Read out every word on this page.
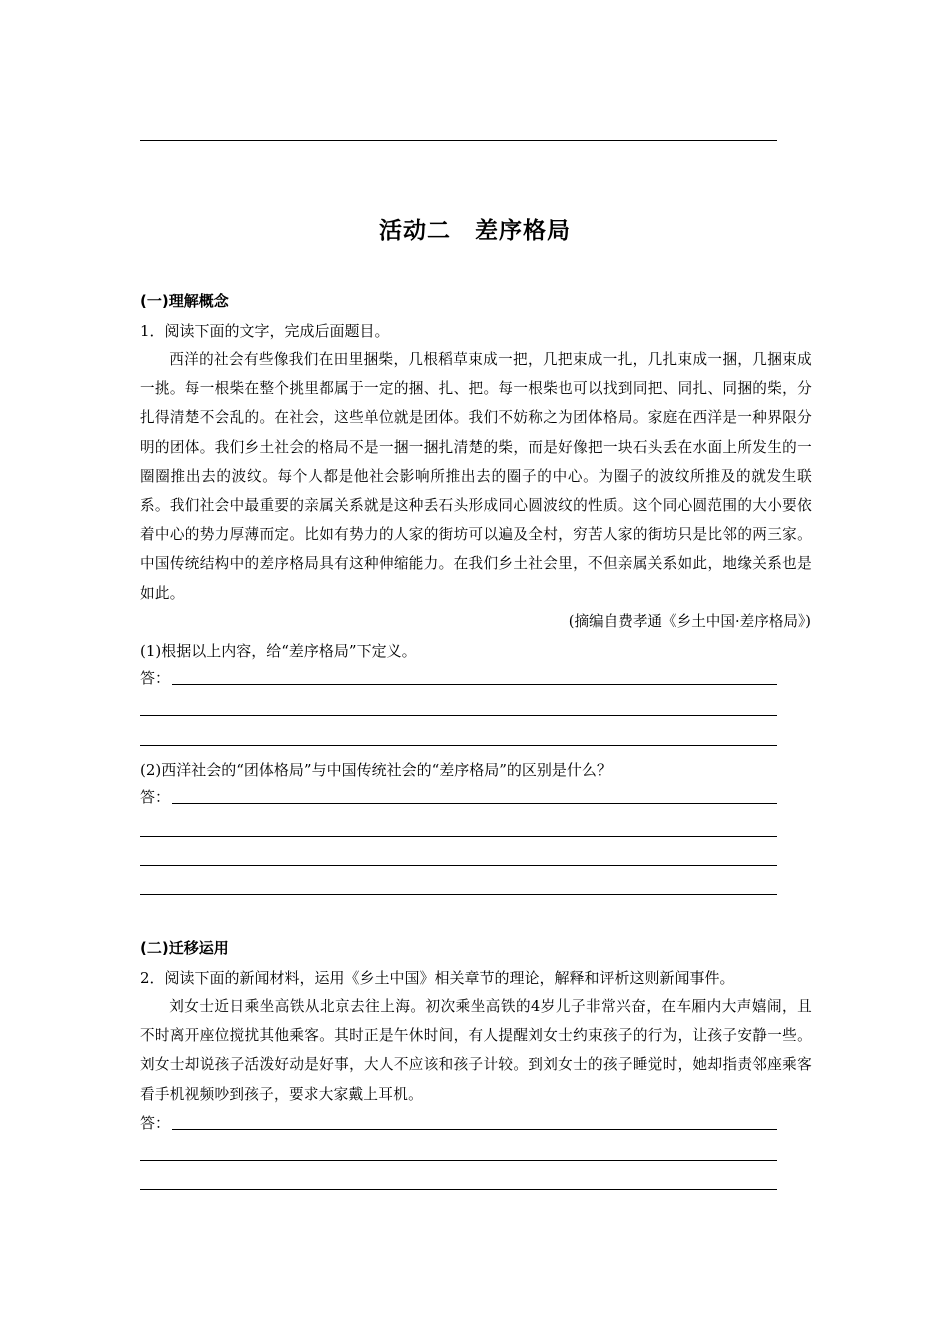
活动二　差序格局
(一)理解概念
1．阅读下面的文字，完成后面题目。
西洋的社会有些像我们在田里捆柴，几根稻草束成一把，几把束成一扎，几扎束成一捆，几捆束成一挑。每一根柴在整个挑里都属于一定的捆、扎、把。每一根柴也可以找到同把、同扎、同捆的柴，分扎得清楚不会乱的。在社会，这些单位就是团体。我们不妨称之为团体格局。家庭在西洋是一种界限分明的团体。我们乡土社会的格局不是一捆一捆扎清楚的柴，而是好像把一块石头丢在水面上所发生的一圈圈推出去的波纹。每个人都是他社会影响所推出去的圈子的中心。为圈子的波纹所推及的就发生联系。我们社会中最重要的亲属关系就是这种丢石头形成同心圆波纹的性质。这个同心圆范围的大小要依着中心的势力厚薄而定。比如有势力的人家的街坊可以遍及全村，穷苦人家的街坊只是比邻的两三家。中国传统结构中的差序格局具有这种伸缩能力。在我们乡土社会里，不但亲属关系如此，地缘关系也是如此。
(摘编自费孝通《乡土中国·差序格局》)
(1)根据以上内容，给“差序格局”下定义。
答：
(2)西洋社会的“团体格局”与中国传统社会的“差序格局”的区别是什么？
答：
(二)迁移运用
2．阅读下面的新闻材料，运用《乡土中国》相关章节的理论，解释和评析这则新闻事件。
刘女士近日乘坐高铁从北京去往上海。初次乘坐高铁的4岁儿子非常兴奋，在车厢内大声嬉闹，且不时离开座位搅扰其他乘客。其时正是午休时间，有人提醒刘女士约束孩子的行为，让孩子安静一些。刘女士却说孩子活泼好动是好事，大人不应该和孩子计较。到刘女士的孩子睡觉时，她却指责邻座乘客看手机视频吵到孩子，要求大家戴上耳机。
答：
